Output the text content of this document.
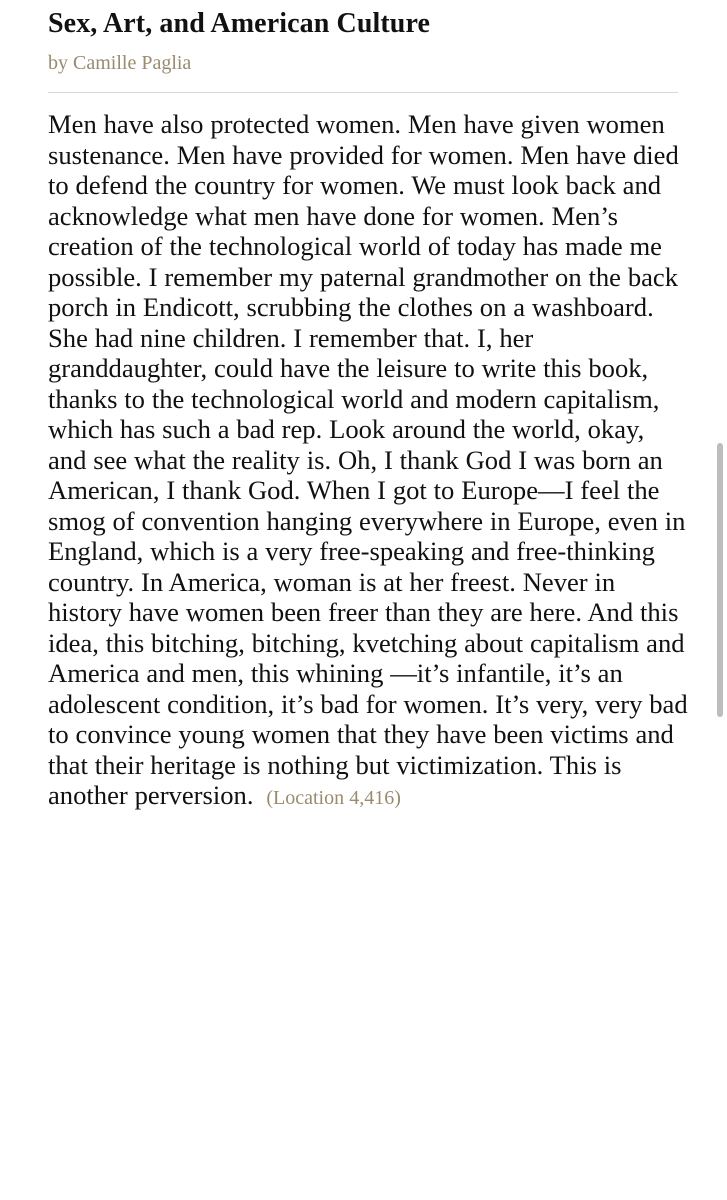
Sex, Art, and American Culture
by Camille Paglia

Men have also protected women. Men have given women sustenance. Men have provided for women. Men have died to defend the country for women. We must look back and acknowledge what men have done for women. Men’s creation of the technological world of today has made me possible. I remember my paternal grandmother on the back porch in Endicott, scrubbing the clothes on a washboard. She had nine children. I remember that. I, her granddaughter, could have the leisure to write this book, thanks to the technological world and modern capitalism, which has such a bad rep. Look around the world, okay, and see what the reality is. Oh, I thank God I was born an American, I thank God. When I got to Europe—I feel the smog of convention hanging everywhere in Europe, even in England, which is a very free-speaking and free-thinking country. In America, woman is at her freest. Never in history have women been freer than they are here. And this idea, this bitching, bitching, kvetching about capitalism and America and men, this whining —it’s infantile, it’s an adolescent condition, it’s bad for women. It’s very, very bad to convince young women that they have been victims and that their heritage is nothing but victimization. This is another perversion. (Location 4,416)
